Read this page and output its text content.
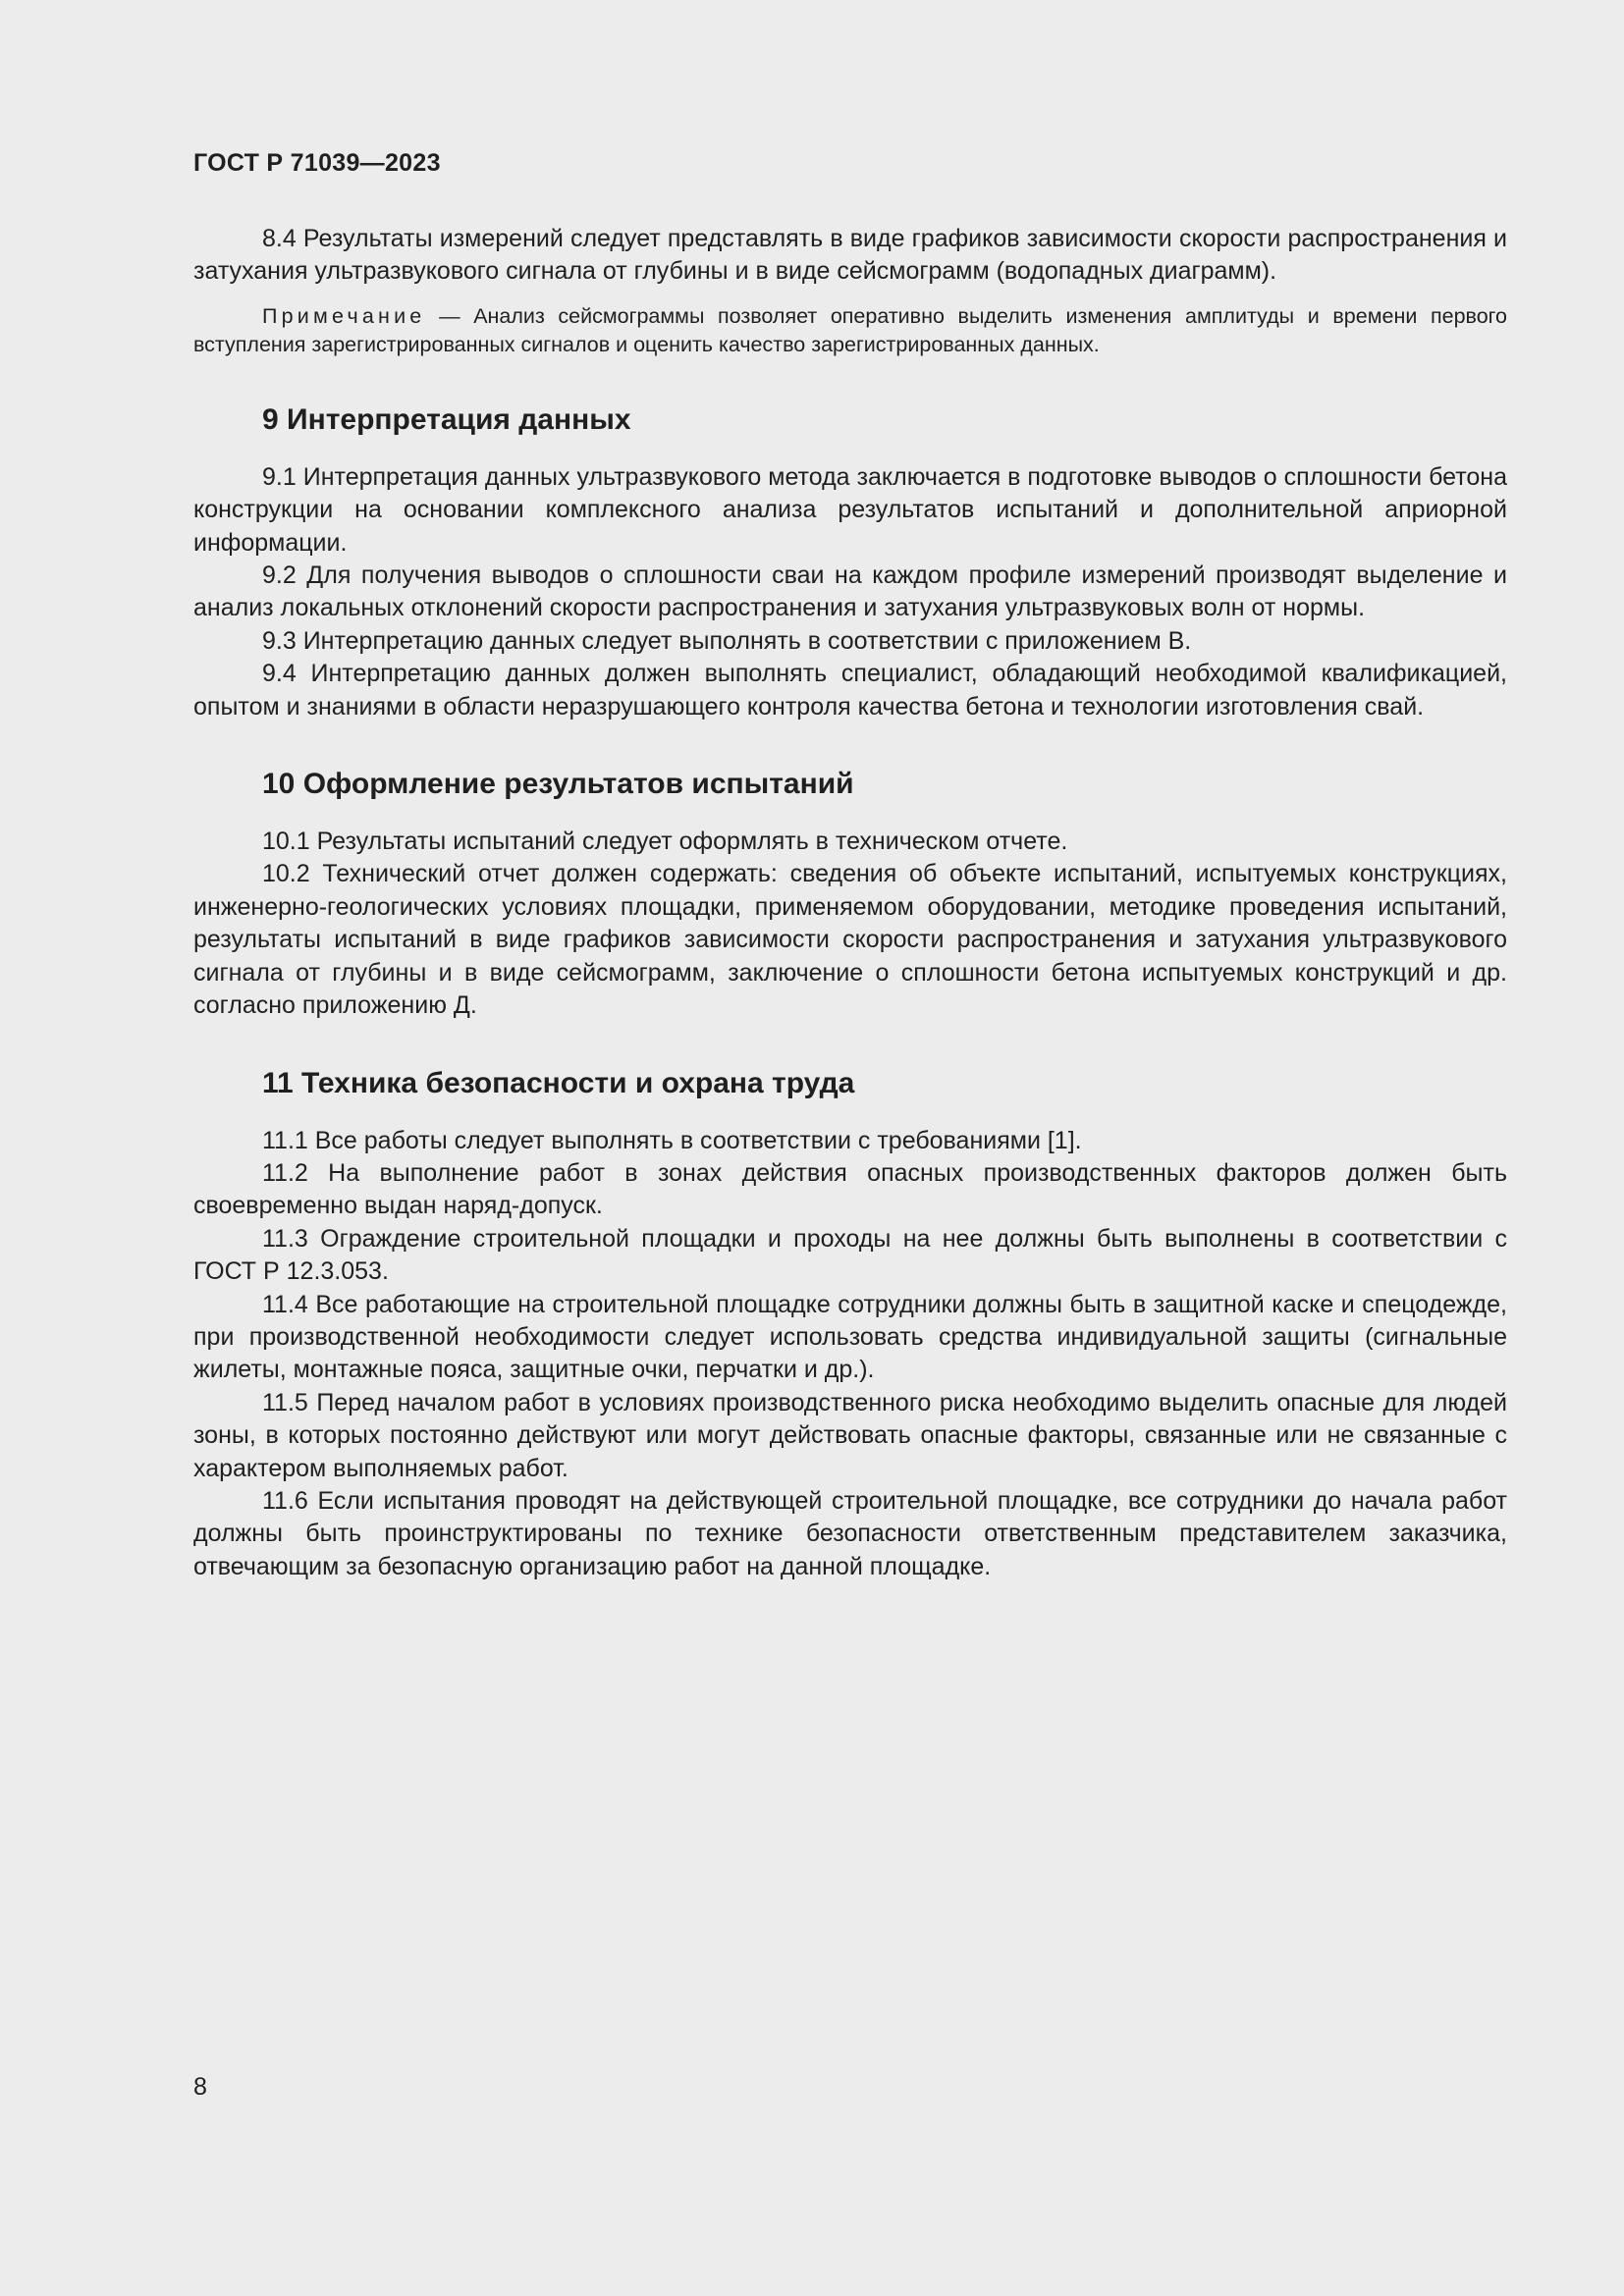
ГОСТ Р 71039—2023

8.4 Результаты измерений следует представлять в виде графиков зависимости скорости распространения и затухания ультразвукового сигнала от глубины и в виде сейсмограмм (водопадных диаграмм).

Примечание — Анализ сейсмограммы позволяет оперативно выделить изменения амплитуды и времени первого вступления зарегистрированных сигналов и оценить качество зарегистрированных данных.

9 Интерпретация данных

9.1 Интерпретация данных ультразвукового метода заключается в подготовке выводов о сплошности бетона конструкции на основании комплексного анализа результатов испытаний и дополнительной априорной информации.

9.2 Для получения выводов о сплошности сваи на каждом профиле измерений производят выделение и анализ локальных отклонений скорости распространения и затухания ультразвуковых волн от нормы.

9.3 Интерпретацию данных следует выполнять в соответствии с приложением В.

9.4 Интерпретацию данных должен выполнять специалист, обладающий необходимой квалификацией, опытом и знаниями в области неразрушающего контроля качества бетона и технологии изготовления свай.

10 Оформление результатов испытаний

10.1 Результаты испытаний следует оформлять в техническом отчете.

10.2 Технический отчет должен содержать: сведения об объекте испытаний, испытуемых конструкциях, инженерно-геологических условиях площадки, применяемом оборудовании, методике проведения испытаний, результаты испытаний в виде графиков зависимости скорости распространения и затухания ультразвукового сигнала от глубины и в виде сейсмограмм, заключение о сплошности бетона испытуемых конструкций и др. согласно приложению Д.

11 Техника безопасности и охрана труда

11.1 Все работы следует выполнять в соответствии с требованиями [1].

11.2 На выполнение работ в зонах действия опасных производственных факторов должен быть своевременно выдан наряд-допуск.

11.3 Ограждение строительной площадки и проходы на нее должны быть выполнены в соответствии с ГОСТ Р 12.3.053.

11.4 Все работающие на строительной площадке сотрудники должны быть в защитной каске и спецодежде, при производственной необходимости следует использовать средства индивидуальной защиты (сигнальные жилеты, монтажные пояса, защитные очки, перчатки и др.).

11.5 Перед началом работ в условиях производственного риска необходимо выделить опасные для людей зоны, в которых постоянно действуют или могут действовать опасные факторы, связанные или не связанные с характером выполняемых работ.

11.6 Если испытания проводят на действующей строительной площадке, все сотрудники до начала работ должны быть проинструктированы по технике безопасности ответственным представителем заказчика, отвечающим за безопасную организацию работ на данной площадке.

8
